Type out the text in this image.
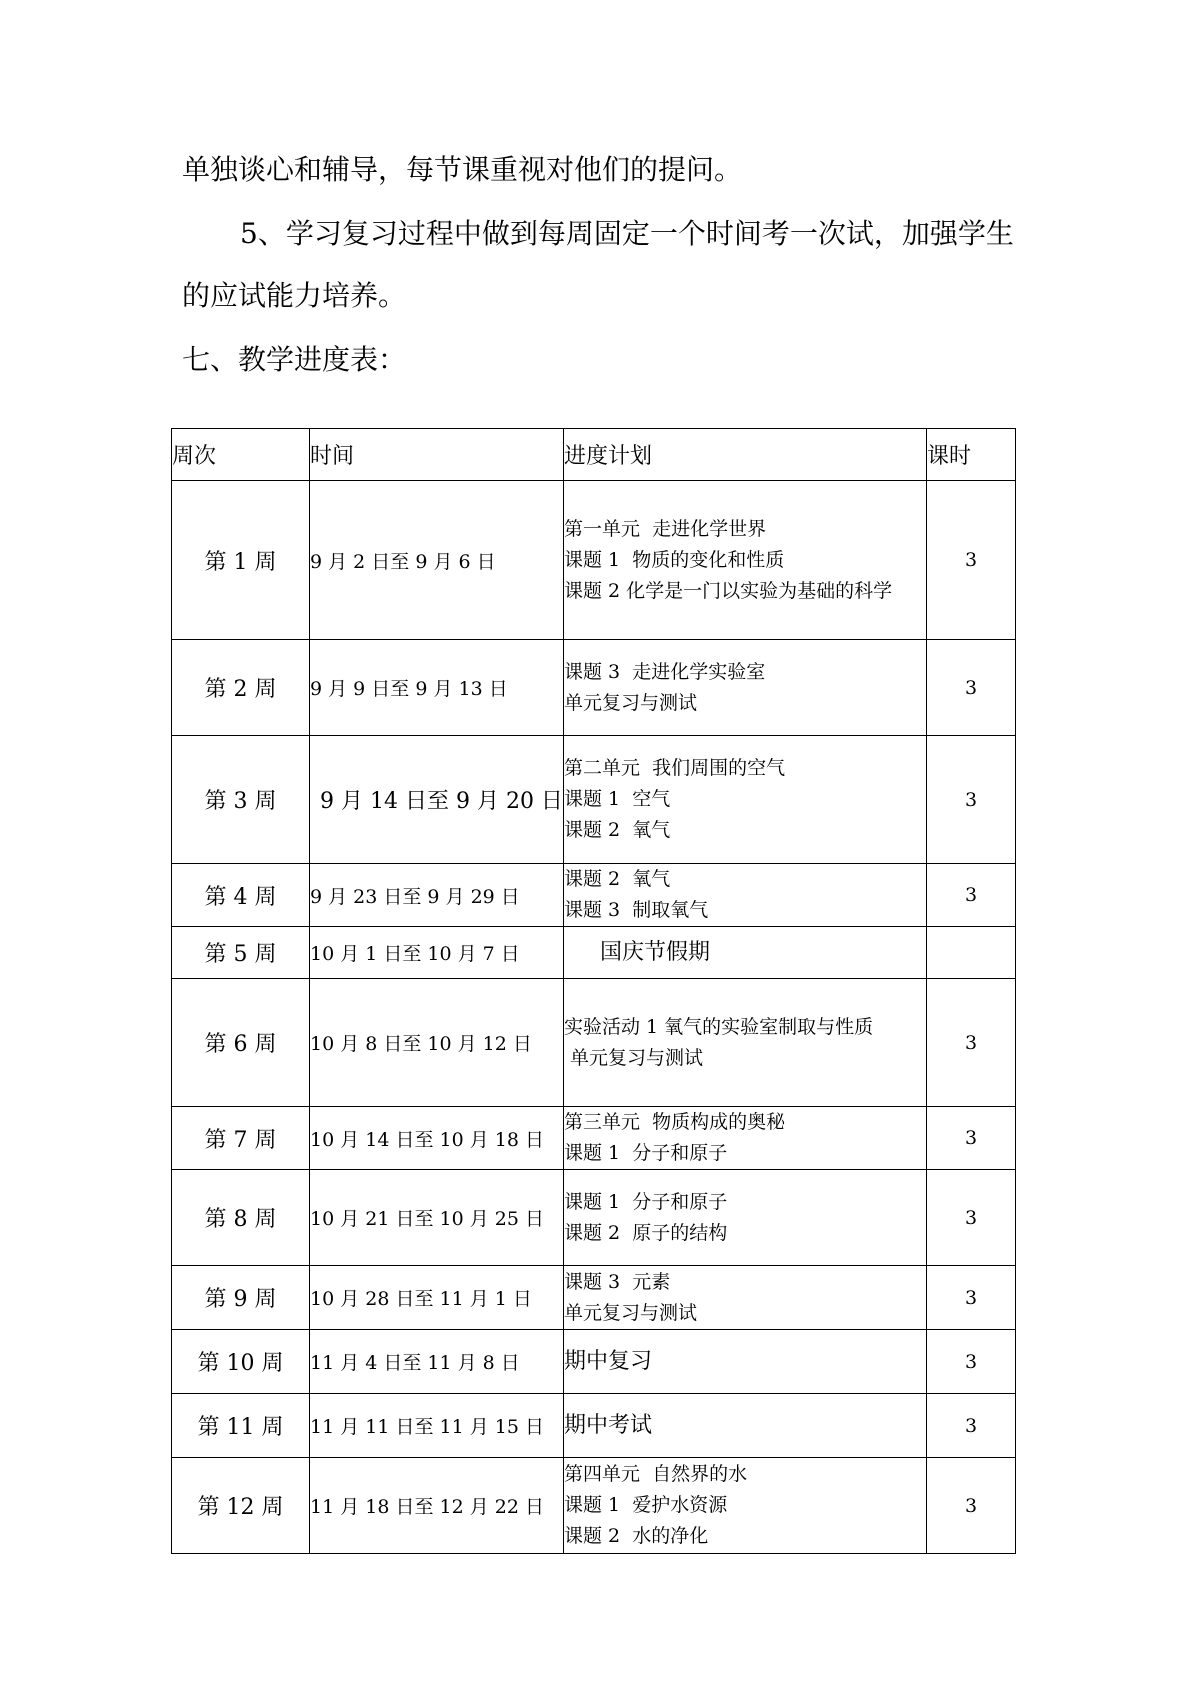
单独谈心和辅导，每节课重视对他们的提问。

5、学习复习过程中做到每周固定一个时间考一次试，加强学生

的应试能力培养。

七、教学进度表：

周次	时间	进度计划	课时
第 1 周	9 月 2 日至 9 月 6 日	第一单元  走进化学世界
课题 1  物质的变化和性质
课题 2 化学是一门以实验为基础的科学	3
第 2 周	9 月 9 日至 9 月 13 日	课题 3  走进化学实验室
单元复习与测试	3
第 3 周	9 月 14 日至 9 月 20 日	第二单元  我们周围的空气
课题 1  空气
课题 2  氧气	3
第 4 周	9 月 23 日至 9 月 29 日	课题 2  氧气
课题 3  制取氧气	3
第 5 周	10 月 1 日至 10 月 7 日	国庆节假期	

第 6 周	10 月 8 日至 10 月 12 日	实验活动 1 氧气的实验室制取与性质
单元复习与测试	3
第 7 周	10 月 14 日至 10 月 18 日	第三单元  物质构成的奥秘
课题 1  分子和原子	3
第 8 周	10 月 21 日至 10 月 25 日	课题 1  分子和原子
课题 2  原子的结构	3
第 9 周	10 月 28 日至 11 月 1 日	课题 3  元素
单元复习与测试	3
第 10 周	11 月 4 日至 11 月 8 日	期中复习	3
第 11 周	11 月 11 日至 11 月 15 日	期中考试	3
第 12 周	11 月 18 日至 12 月 22 日	第四单元  自然界的水
课题 1  爱护水资源
课题 2  水的净化	3
